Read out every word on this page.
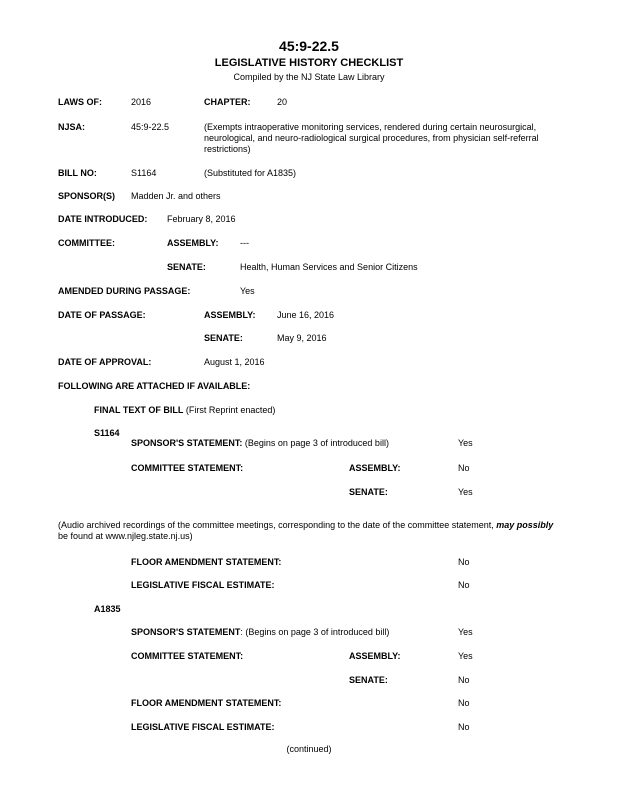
45:9-22.5
LEGISLATIVE HISTORY CHECKLIST
Compiled by the NJ State Law Library
LAWS OF:	2016	CHAPTER:	20
NJSA:	45:9-22.5	(Exempts intraoperative monitoring services, rendered during certain neurosurgical,
neurological, and neuro-radiological surgical procedures, from physician self-referral
restrictions)
BILL NO:	S1164	(Substituted for A1835)
SPONSOR(S) Madden Jr. and others
DATE INTRODUCED: February 8, 2016
COMMITTEE:	ASSEMBLY: ---
SENATE:	Health, Human Services and Senior Citizens
AMENDED DURING PASSAGE:	Yes
DATE OF PASSAGE:	ASSEMBLY: June 16, 2016
SENATE:	May 9, 2016
DATE OF APPROVAL:	August 1, 2016
FOLLOWING ARE ATTACHED IF AVAILABLE:
FINAL TEXT OF BILL (First Reprint enacted)
S1164
SPONSOR'S STATEMENT: (Begins on page 3 of introduced bill)	Yes
COMMITTEE STATEMENT:	ASSEMBLY:	No
SENATE:	Yes
(Audio archived recordings of the committee meetings, corresponding to the date of the committee statement, may possibly
be found at www.njleg.state.nj.us)
FLOOR AMENDMENT STATEMENT:	No
LEGISLATIVE FISCAL ESTIMATE:	No
A1835
SPONSOR'S STATEMENT: (Begins on page 3 of introduced bill)	Yes
COMMITTEE STATEMENT:	ASSEMBLY:	Yes
SENATE:	No
FLOOR AMENDMENT STATEMENT:	No
LEGISLATIVE FISCAL ESTIMATE:	No
(continued)
